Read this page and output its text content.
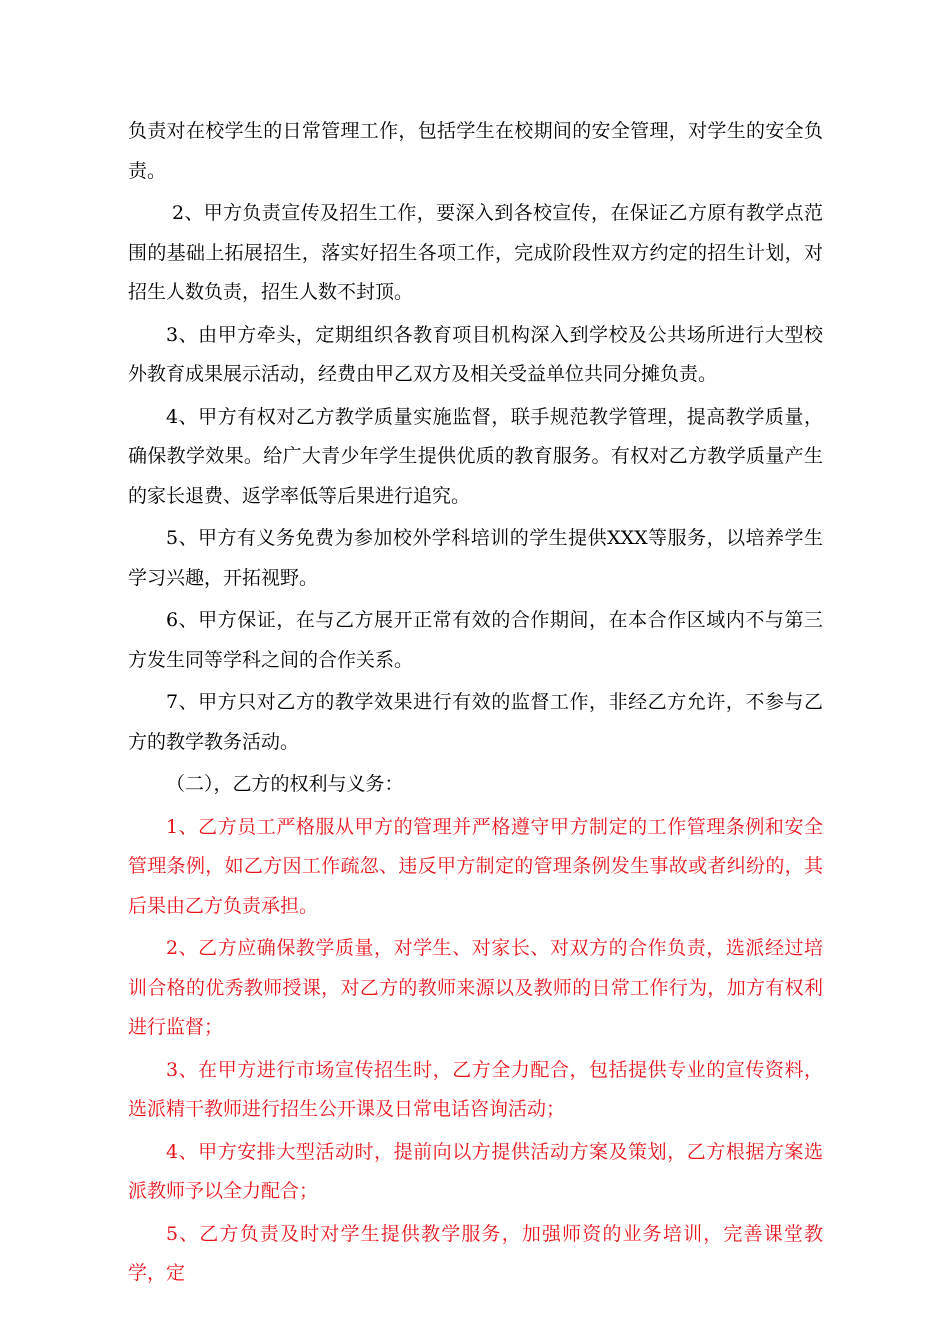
负责对在校学生的日常管理工作，包括学生在校期间的安全管理，对学生的安全负责。

2、甲方负责宣传及招生工作，要深入到各校宣传，在保证乙方原有教学点范围的基础上拓展招生，落实好招生各项工作，完成阶段性双方约定的招生计划，对招生人数负责，招生人数不封顶。

3、由甲方牵头，定期组织各教育项目机构深入到学校及公共场所进行大型校外教育成果展示活动，经费由甲乙双方及相关受益单位共同分摊负责。

4、甲方有权对乙方教学质量实施监督，联手规范教学管理，提高教学质量，确保教学效果。给广大青少年学生提供优质的教育服务。有权对乙方教学质量产生的家长退费、返学率低等后果进行追究。

5、甲方有义务免费为参加校外学科培训的学生提供XXX等服务，以培养学生学习兴趣，开拓视野。

6、甲方保证，在与乙方展开正常有效的合作期间，在本合作区域内不与第三方发生同等学科之间的合作关系。

7、甲方只对乙方的教学效果进行有效的监督工作，非经乙方允许，不参与乙方的教学教务活动。

（二），乙方的权利与义务：

1、乙方员工严格服从甲方的管理并严格遵守甲方制定的工作管理条例和安全管理条例，如乙方因工作疏忽、违反甲方制定的管理条例发生事故或者纠纷的，其后果由乙方负责承担。

2、乙方应确保教学质量，对学生、对家长、对双方的合作负责，选派经过培训合格的优秀教师授课，对乙方的教师来源以及教师的日常工作行为，加方有权利进行监督；

3、在甲方进行市场宣传招生时，乙方全力配合，包括提供专业的宣传资料，选派精干教师进行招生公开课及日常电话咨询活动；

4、甲方安排大型活动时，提前向以方提供活动方案及策划，乙方根据方案选派教师予以全力配合；

5、乙方负责及时对学生提供教学服务，加强师资的业务培训，完善课堂教学，定
